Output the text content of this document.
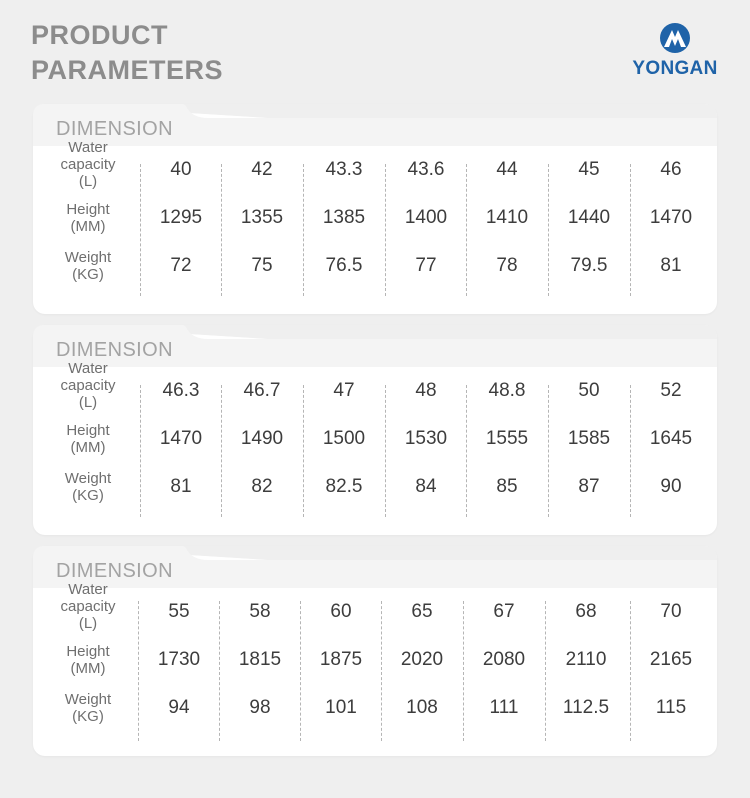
PRODUCT
PARAMETERS	YONGAN
DIMENSION
Water
capacity
(L)
40	42	43.3	43.6	44	45	46
Height
(MM)	1295	1355	1385	1400	1410	1440	1470
Weight
(KG)	72	75	76.5	77	78	79.5	81
DIMENSION
Water
capacity
(L)
46.3	46.7	47	48	48.8	50	52
Height
(MM)	1470	1490	1500	1530	1555	1585	1645
Weight
(KG)	81	82	82.5	84	85	87	90
DIMENSION
Water
capacity
(L)
55	58	60	65	67	68	70
Height
(MM)	1730	1815	1875	2020	2080	2110	2165
Weight
(KG)	94	98	101	108	111	112.5	115
